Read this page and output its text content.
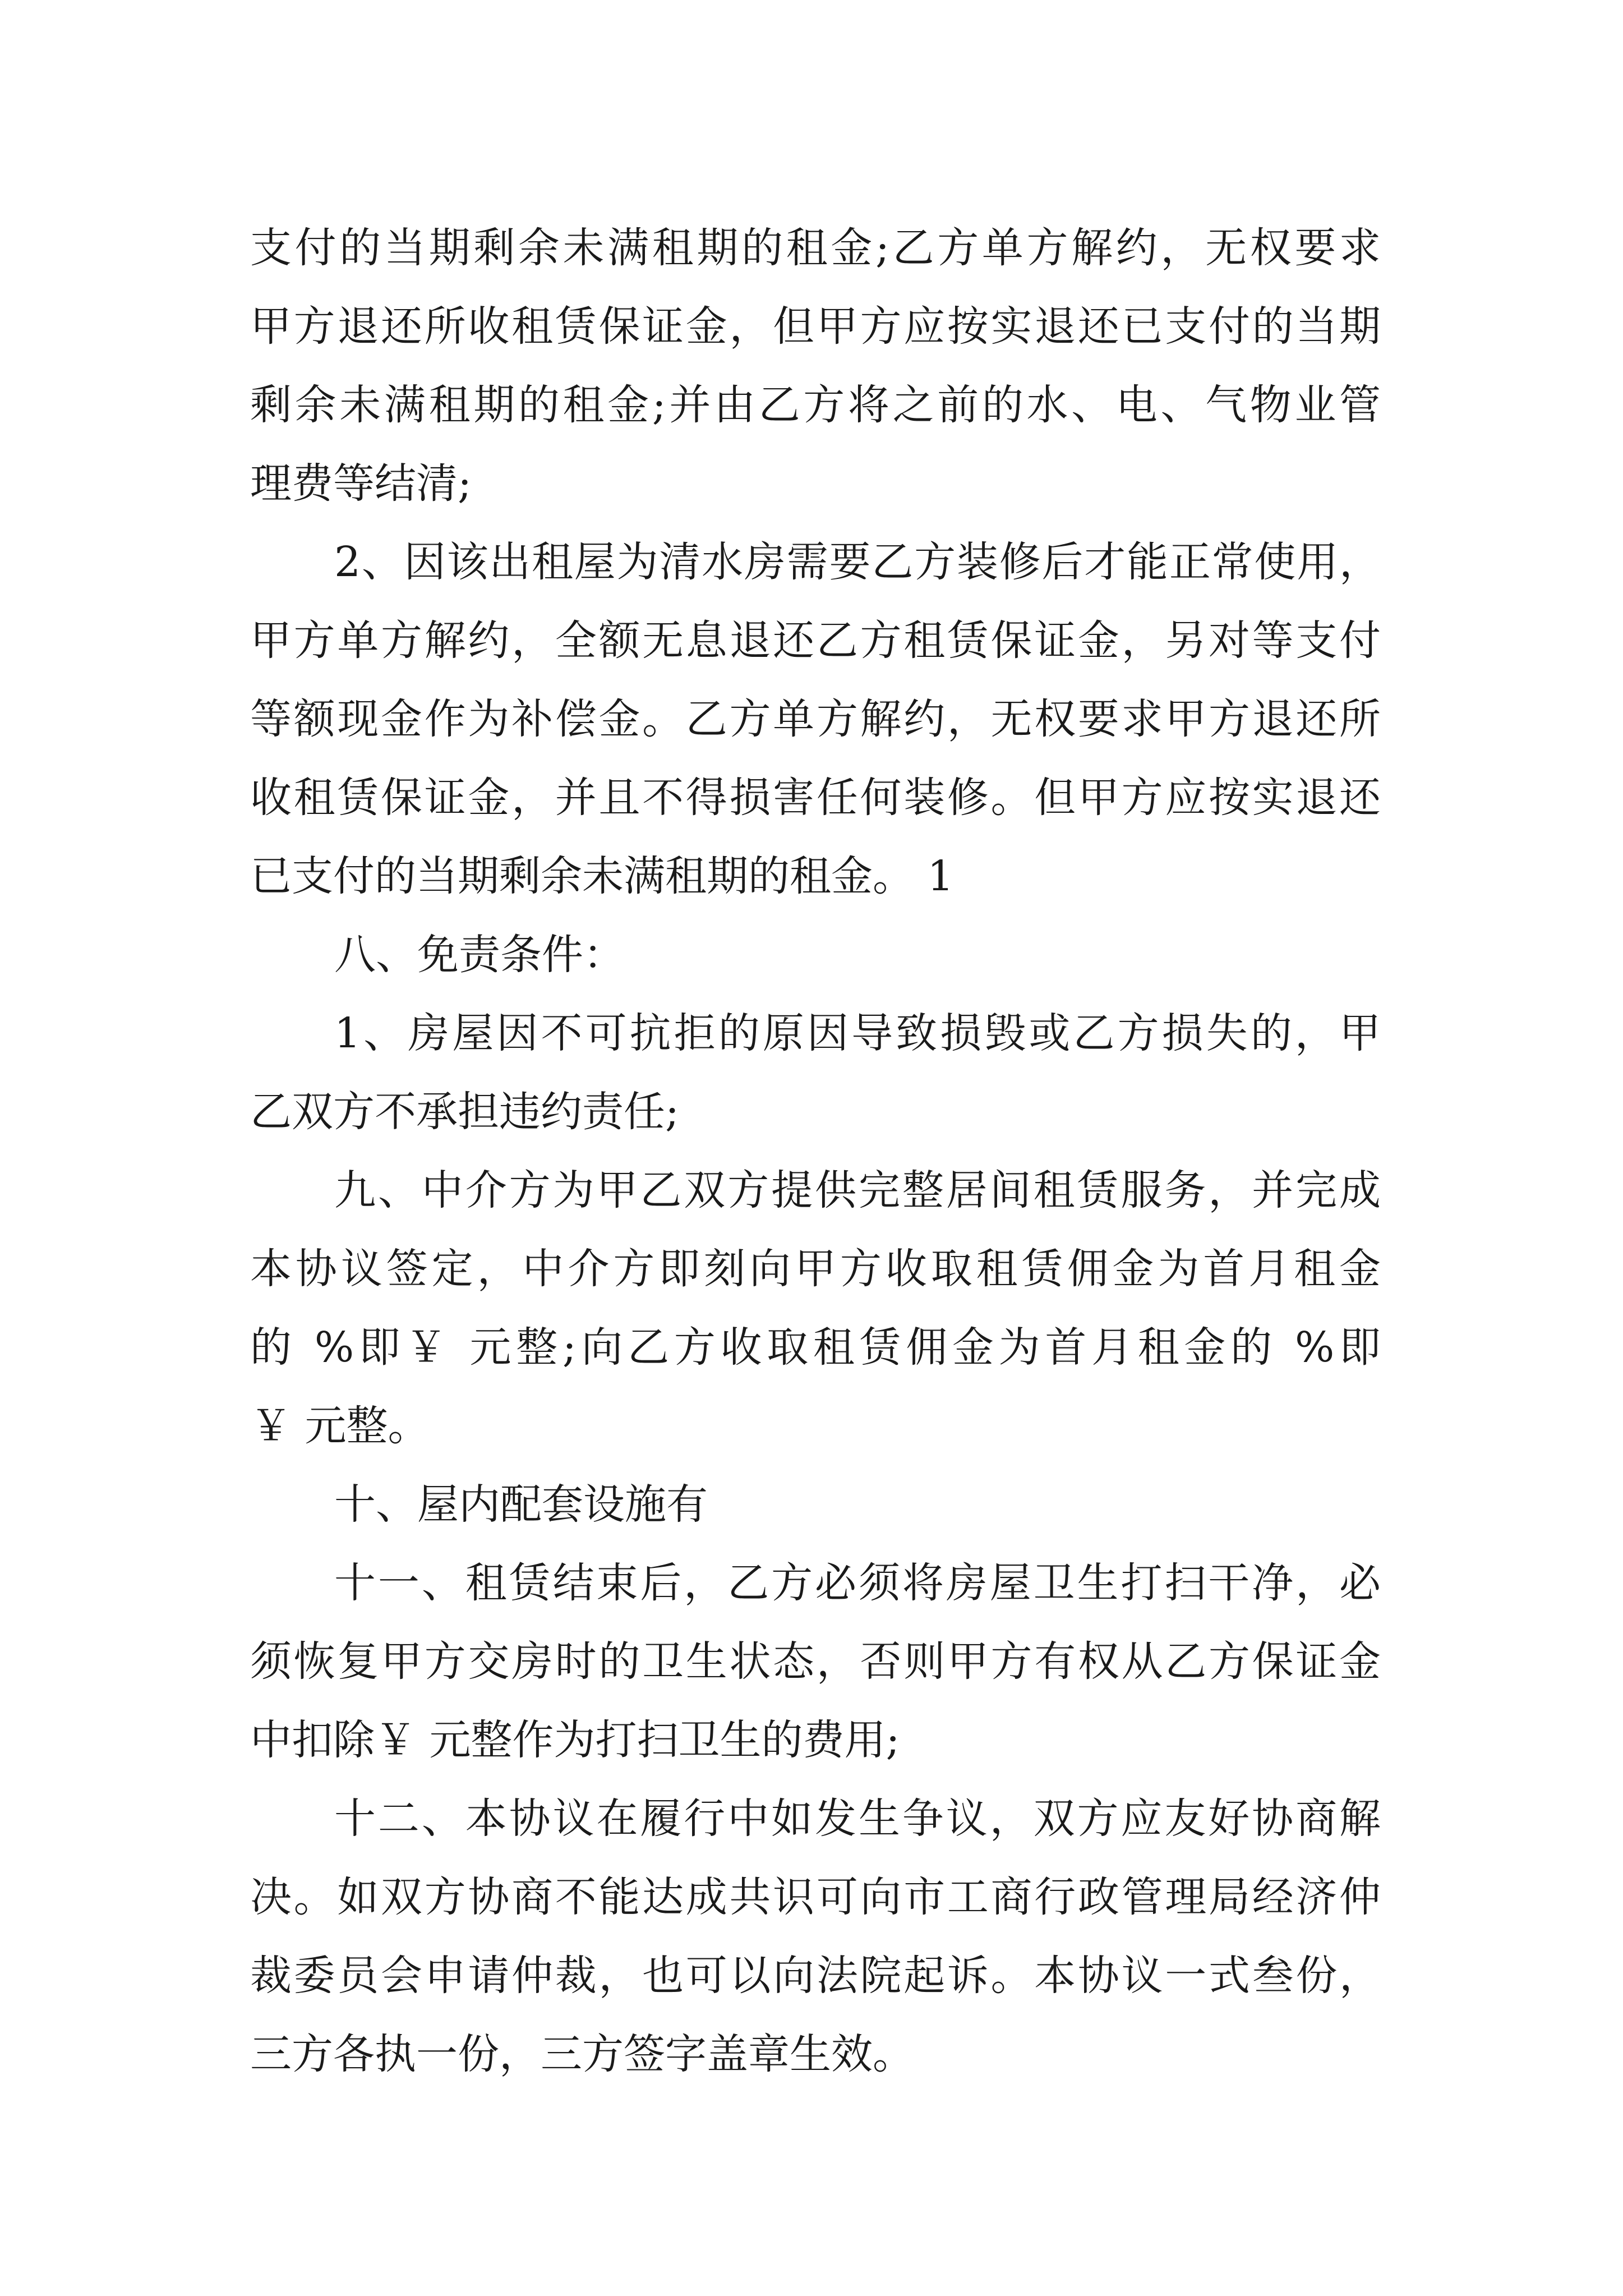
支付的当期剩余未满租期的租金;乙方单方解约，无权要求
甲方退还所收租赁保证金，但甲方应按实退还已支付的当期
剩余未满租期的租金;并由乙方将之前的水、电、气物业管
理费等结清;
2、因该出租屋为清水房需要乙方装修后才能正常使用，
甲方单方解约，全额无息退还乙方租赁保证金，另对等支付
等额现金作为补偿金。乙方单方解约，无权要求甲方退还所
收租赁保证金，并且不得损害任何装修。但甲方应按实退还
已支付的当期剩余未满租期的租金。 1
八、免责条件：
1、房屋因不可抗拒的原因导致损毁或乙方损失的，甲
乙双方不承担违约责任;
九、中介方为甲乙双方提供完整居间租赁服务，并完成
本协议签定，中介方即刻向甲方收取租赁佣金为首月租金
的 %即￥ 元整;向乙方收取租赁佣金为首月租金的 %即
￥ 元整。
十、屋内配套设施有
十一、租赁结束后，乙方必须将房屋卫生打扫干净，必
须恢复甲方交房时的卫生状态，否则甲方有权从乙方保证金
中扣除￥ 元整作为打扫卫生的费用;
十二、本协议在履行中如发生争议，双方应友好协商解
决。如双方协商不能达成共识可向市工商行政管理局经济仲
裁委员会申请仲裁，也可以向法院起诉。本协议一式叁份，
三方各执一份，三方签字盖章生效。
